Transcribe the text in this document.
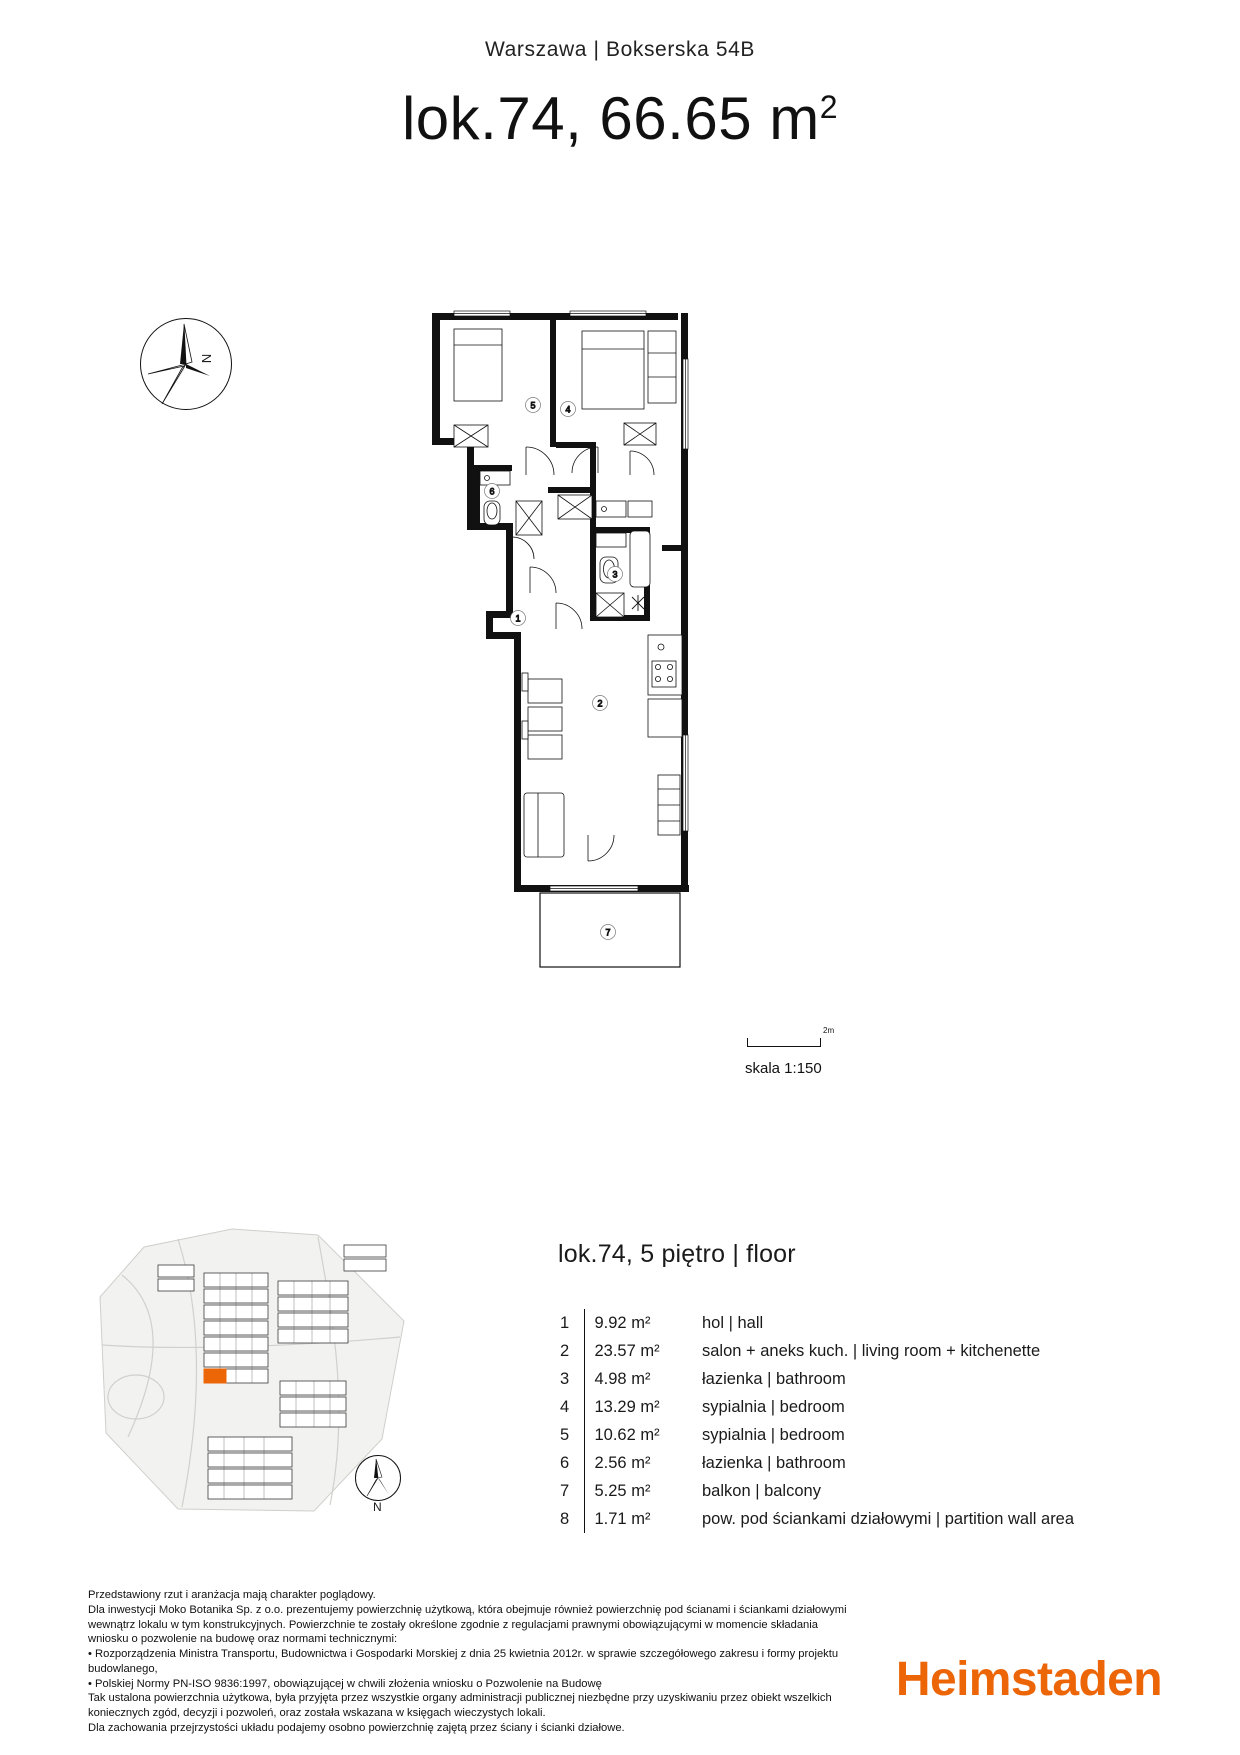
Warszawa | Bokserska 54B
lok.74, 66.65 $m^2$
N
1
2
3
4
5
6
7
2m
skala 1:150
N
lok.74, 5 piętro | floor
1	9.92 m²	hol | hall
2	23.57 m²	salon + aneks kuch. | living room + kitchenette
3	4.98 m²	łazienka | bathroom
4	13.29 m²	sypialnia | bedroom
5	10.62 m²	sypialnia | bedroom
6	2.56 m²	łazienka | bathroom
7	5.25 m²	balkon | balcony
8	1.71 m²	pow. pod ściankami działowymi | partition wall area

Przedstawiony rzut i aranżacja mają charakter poglądowy.

Dla inwestycji Moko Botanika Sp. z o.o. prezentujemy powierzchnię użytkową, która obejmuje również powierzchnię pod ścianami i ściankami działowymi wewnątrz lokalu w tym konstrukcyjnych. Powierzchnie te zostały określone zgodnie z regulacjami prawnymi obowiązującymi w momencie składania wniosku o pozwolenie na budowę oraz normami technicznymi:

• Rozporządzenia Ministra Transportu, Budownictwa i Gospodarki Morskiej z dnia 25 kwietnia 2012r. w sprawie szczegółowego zakresu i formy projektu budowlanego,

• Polskiej Normy PN-ISO 9836:1997, obowiązującej w chwili złożenia wniosku o Pozwolenie na Budowę

Tak ustalona powierzchnia użytkowa, była przyjęta przez wszystkie organy administracji publicznej niezbędne przy uzyskiwaniu przez obiekt wszelkich koniecznych zgód, decyzji i pozwoleń, oraz została wskazana w księgach wieczystych lokali.

Dla zachowania przejrzystości układu podajemy osobno powierzchnię zajętą przez ściany i ścianki działowe.

Heimstaden
